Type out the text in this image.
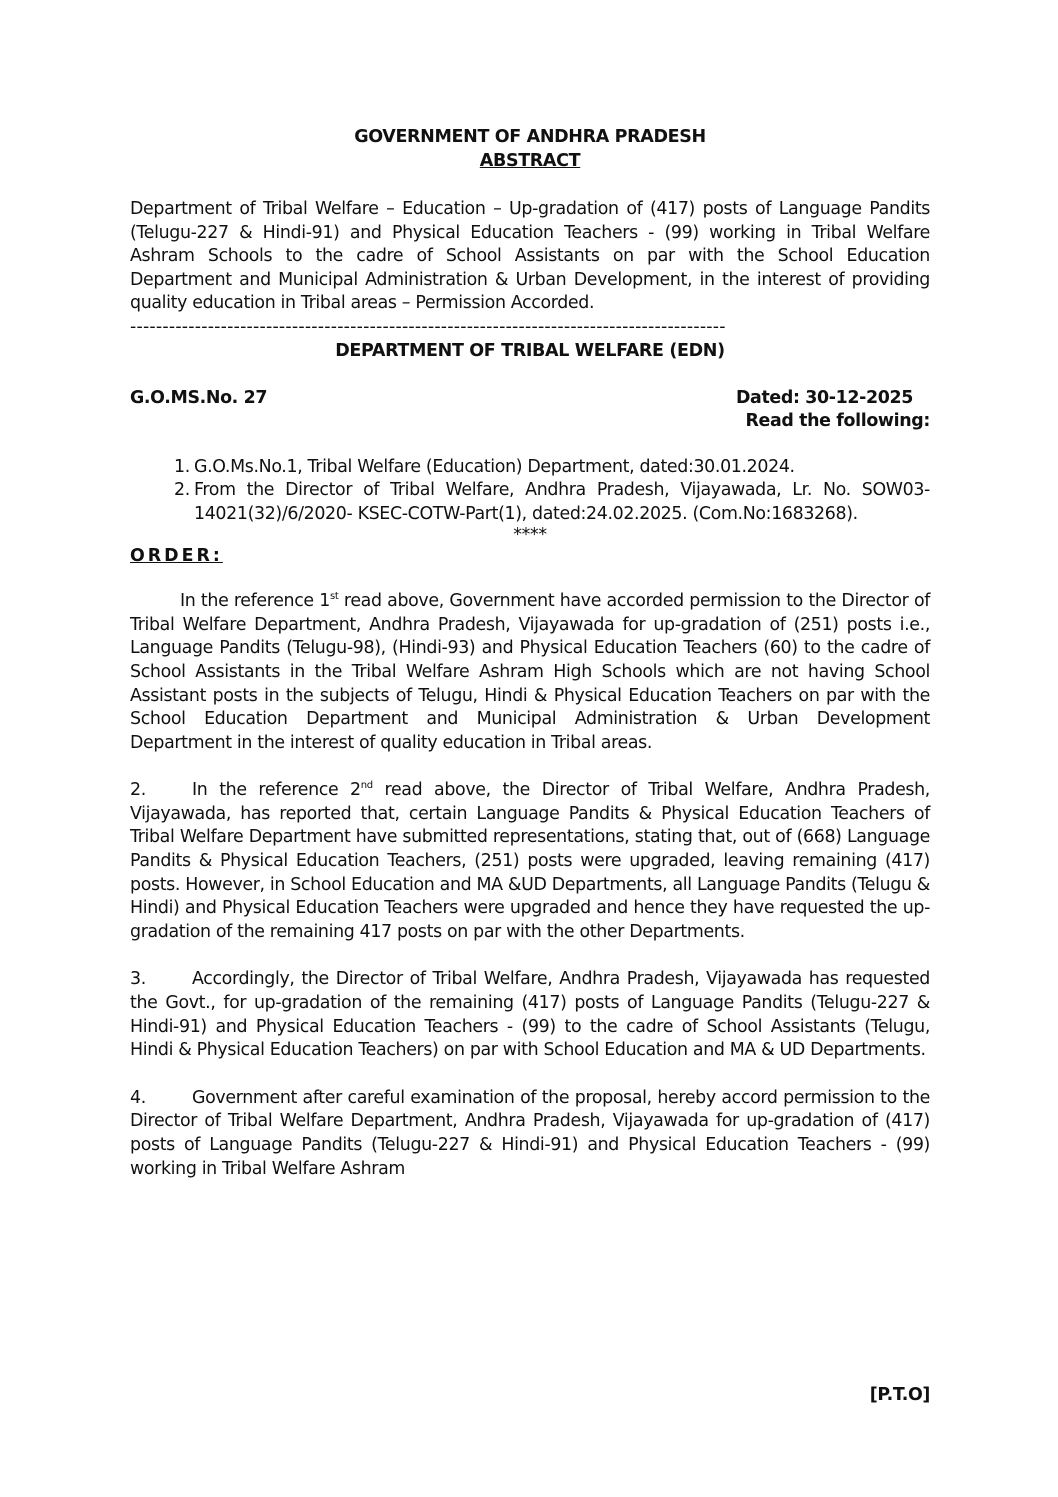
GOVERNMENT OF ANDHRA PRADESH

ABSTRACT

Department of Tribal Welfare – Education – Up-gradation of (417) posts of Language Pandits (Telugu-227 & Hindi-91) and Physical Education Teachers - (99) working in Tribal Welfare Ashram Schools to the cadre of School Assistants on par with the School Education Department and Municipal Administration & Urban Development, in the interest of providing quality education in Tribal areas – Permission Accorded.
--------------------------------------------------------------------------------------------
DEPARTMENT OF TRIBAL WELFARE (EDN)
G.O.MS.No. 27	Dated: 30-12-2025
Read the following:
1. G.O.Ms.No.1, Tribal Welfare (Education) Department, dated:30.01.2024.
2. From the Director of Tribal Welfare, Andhra Pradesh, Vijayawada, Lr. No. SOW03-14021(32)/6/2020- KSEC-COTW-Part(1), dated:24.02.2025. (Com.No:1683268).
****
ORDER:
In the reference 1st read above, Government have accorded permission to the Director of Tribal Welfare Department, Andhra Pradesh, Vijayawada for up-gradation of (251) posts i.e., Language Pandits (Telugu-98), (Hindi-93) and Physical Education Teachers (60) to the cadre of School Assistants in the Tribal Welfare Ashram High Schools which are not having School Assistant posts in the subjects of Telugu, Hindi & Physical Education Teachers on par with the School Education Department and Municipal Administration & Urban Development Department in the interest of quality education in Tribal areas.
2.	In the reference 2nd read above, the Director of Tribal Welfare, Andhra Pradesh, Vijayawada, has reported that, certain Language Pandits & Physical Education Teachers of Tribal Welfare Department have submitted representations, stating that, out of (668) Language Pandits & Physical Education Teachers, (251) posts were upgraded, leaving remaining (417) posts. However, in School Education and MA &UD Departments, all Language Pandits (Telugu & Hindi) and Physical Education Teachers were upgraded and hence they have requested the up-gradation of the remaining 417 posts on par with the other Departments.
3.	Accordingly, the Director of Tribal Welfare, Andhra Pradesh, Vijayawada has requested the Govt., for up-gradation of the remaining (417) posts of Language Pandits (Telugu-227 & Hindi-91) and Physical Education Teachers - (99) to the cadre of School Assistants (Telugu, Hindi & Physical Education Teachers) on par with School Education and MA & UD Departments.
4.	Government after careful examination of the proposal, hereby accord permission to the Director of Tribal Welfare Department, Andhra Pradesh, Vijayawada for up-gradation of (417) posts of Language Pandits (Telugu-227 & Hindi-91) and Physical Education Teachers - (99) working in Tribal Welfare Ashram
[P.T.O]
